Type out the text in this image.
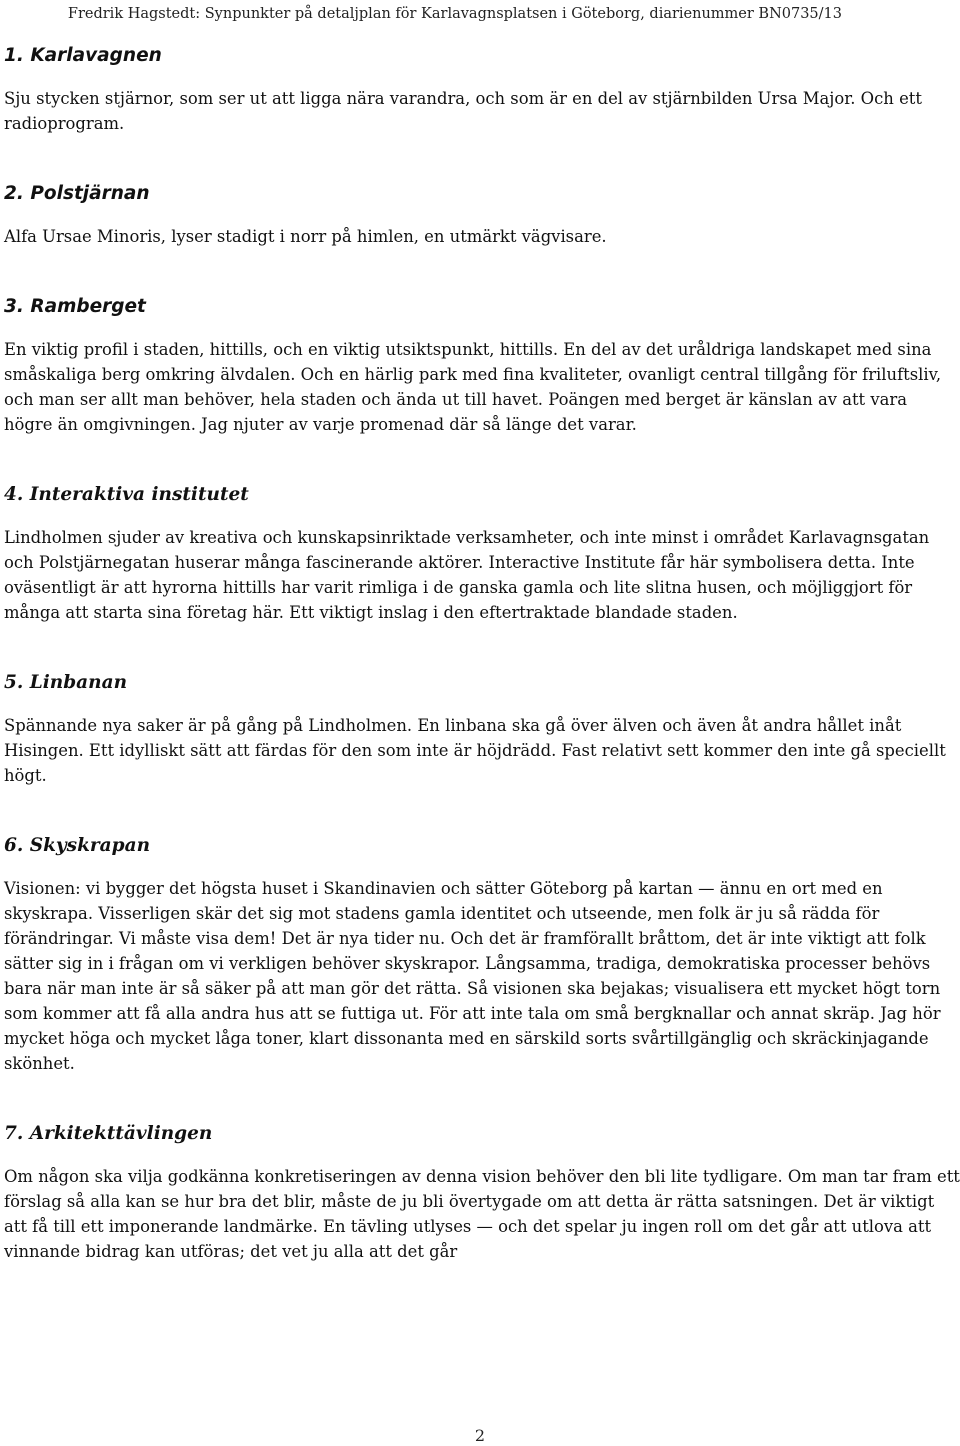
Fredrik Hagstedt: Synpunkter på detaljplan för Karlavagnsplatsen i Göteborg, diarienummer BN0735/13
1. Karlavagnen

Sju stycken stjärnor, som ser ut att ligga nära varandra, och som är en del av stjärnbilden Ursa Major. Och ett radioprogram.

2. Polstjärnan

Alfa Ursae Minoris, lyser stadigt i norr på himlen, en utmärkt vägvisare.

3. Ramberget

En viktig profil i staden, hittills, och en viktig utsiktspunkt, hittills. En del av det uråldriga landskapet med sina småskaliga berg omkring älvdalen. Och en härlig park med fina kvaliteter, ovanligt central tillgång för friluftsliv, och man ser allt man behöver, hela staden och ända ut till havet. Poängen med berget är känslan av att vara högre än omgivningen. Jag njuter av varje promenad där så länge det varar.

4. Interaktiva institutet

Lindholmen sjuder av kreativa och kunskapsinriktade verksamheter, och inte minst i området Karlavagnsgatan och Polstjärnegatan huserar många fascinerande aktörer. Interactive Institute får här symbolisera detta. Inte oväsentligt är att hyrorna hittills har varit rimliga i de ganska gamla och lite slitna husen, och möjliggjort för många att starta sina företag här. Ett viktigt inslag i den eftertraktade blandade staden.

5. Linbanan

Spännande nya saker är på gång på Lindholmen. En linbana ska gå över älven och även åt andra hållet inåt Hisingen. Ett idylliskt sätt att färdas för den som inte är höjdrädd. Fast relativt sett kommer den inte gå speciellt högt.

6. Skyskrapan

Visionen: vi bygger det högsta huset i Skandinavien och sätter Göteborg på kartan — ännu en ort med en skyskrapa. Visserligen skär det sig mot stadens gamla identitet och utseende, men folk är ju så rädda för förändringar. Vi måste visa dem! Det är nya tider nu. Och det är framförallt bråttom, det är inte viktigt att folk sätter sig in i frågan om vi verkligen behöver skyskrapor. Långsamma, tradiga, demokratiska processer behövs bara när man inte är så säker på att man gör det rätta. Så visionen ska bejakas; visualisera ett mycket högt torn som kommer att få alla andra hus att se futtiga ut. För att inte tala om små bergknallar och annat skräp. Jag hör mycket höga och mycket låga toner, klart dissonanta med en särskild sorts svårtillgänglig och skräckinjagande skönhet.

7. Arkitekttävlingen

Om någon ska vilja godkänna konkretiseringen av denna vision behöver den bli lite tydligare. Om man tar fram ett förslag så alla kan se hur bra det blir, måste de ju bli övertygade om att detta är rätta satsningen. Det är viktigt att få till ett imponerande landmärke. En tävling utlyses — och det spelar ju ingen roll om det går att utlova att vinnande bidrag kan utföras; det vet ju alla att det går

2
